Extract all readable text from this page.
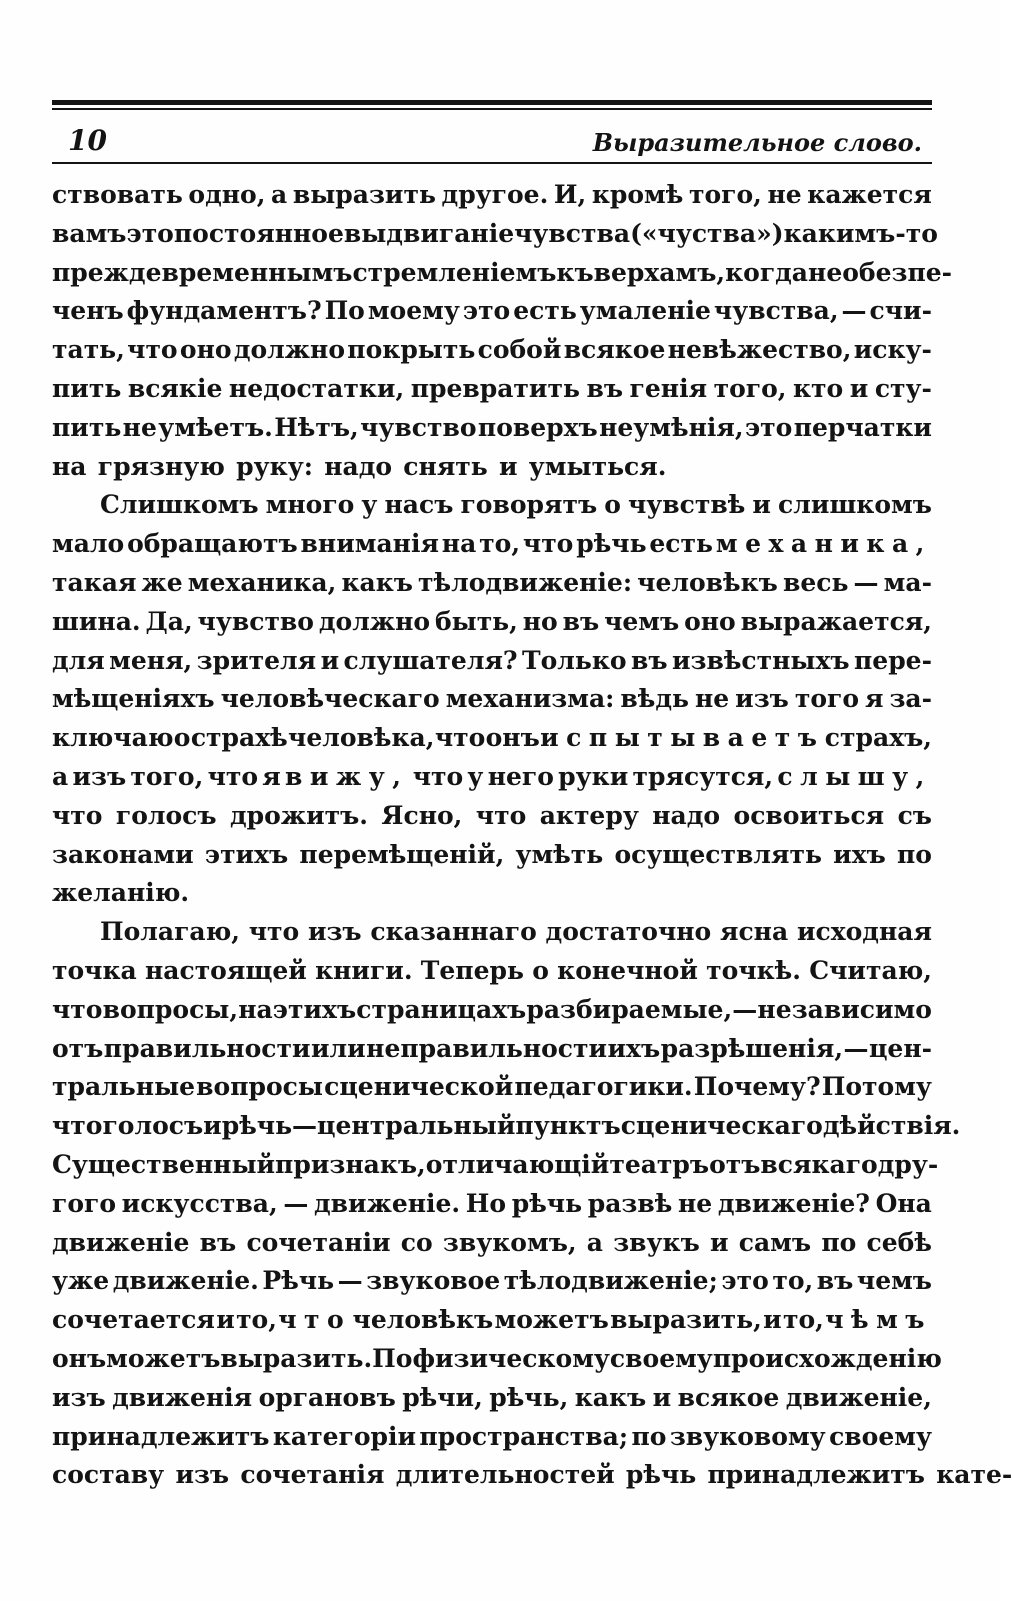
10	Выразительное слово.
ствовать одно, а выразить другое. И, кромѣ того, не кажется
вамъ это постоянное выдвиганіе чувства («чуства») какимъ-то
преждевременнымъ стремленіемъ къ верхамъ, когда не обезпе-
ченъ фундаментъ? По моему это есть умаленіе чувства, — счи-
тать, что оно должно покрыть собой всякое невѣжество, иску-
пить всякіе недостатки, превратить въ генія того, кто и сту-
пить не умѣетъ. Нѣтъ, чувство поверхъ неумѣнія, это перчатки
на грязную руку: надо снять и умыться.
Слишкомъ много у насъ говорятъ о чувствѣ и слишкомъ
мало обращаютъ вниманія на то, что рѣчь есть механика,
такая же механика, какъ тѣлодвиженіе: человѣкъ весь — ма-
шина. Да, чувство должно быть, но въ чемъ оно выражается,
для меня, зрителя и слушателя? Только въ извѣстныхъ пере-
мѣщеніяхъ человѣческаго механизма: вѣдь не изъ того я за-
ключаю о страхѣ человѣка, что онъ испытываетъ страхъ,
а изъ того, что я вижу, что у него руки трясутся, слышу,
что голосъ дрожитъ. Ясно, что актеру надо освоиться съ
законами этихъ перемѣщеній, умѣть осуществлять ихъ по
желанію.
Полагаю, что изъ сказаннаго достаточно ясна исходная
точка настоящей книги. Теперь о конечной точкѣ. Считаю,
что вопросы, на этихъ страницахъ разбираемые, — не зависимо
отъ правильности или неправильности ихъ разрѣшенія, — цен-
тральные вопросы сценической педагогики. Почему? Потому
что голосъ и рѣчь — центральный пунктъ сценическаго дѣйствія.
Существенный признакъ, отличающій театръ отъ всякаго дру-
гого искусства, — движеніе. Но рѣчь развѣ не движеніе? Она
движеніе въ сочетаніи со звукомъ, а звукъ и самъ по себѣ
уже движеніе. Рѣчь — звуковое тѣлодвиженіе; это то, въ чемъ
сочетается и то, что человѣкъ можетъ выразить, и то, чѣмъ
онъ можетъ выразить. По физическому своему происхожденію
изъ движенія органовъ рѣчи, рѣчь, какъ и всякое движеніе,
принадлежитъ категоріи пространства; по звуковому своему
составу изъ сочетанія длительностей рѣчь принадлежитъ кате-
